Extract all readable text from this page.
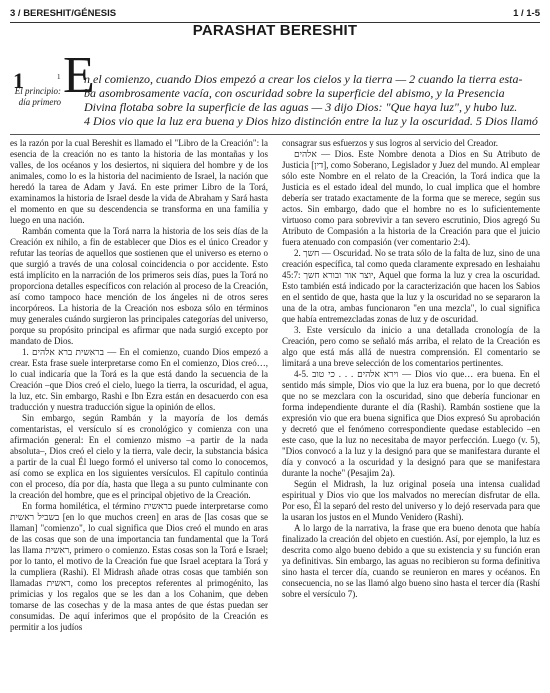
3 / BERESHIT/GÉNESIS	1 / 1-5
PARASHAT BERESHIT
1
El principio: día primero E
1 n el comienzo, cuando Dios empezó a crear los cielos y la tierra — 2 cuando la tierra esta-
ba asombrosamente vacía, con oscuridad sobre la superficie del abismo, y la Presencia
Divina flotaba sobre la superficie de las aguas — 3 dijo Dios: "Que haya luz", y hubo luz.
4 Dios vio que la luz era buena y Dios hizo distinción entre la luz y la oscuridad. 5 Dios llamó

es la razón por la cual Bereshit es llamado el "Libro de la Creación": la esencia de la creación no es tanto la historia de las montañas y los valles, de los océanos y los desiertos, ni siquiera del hombre y de los animales, como lo es la historia del nacimiento de Israel, la nación que heredó la tarea de Adam y Javá. En este primer Libro de la Torá, examinamos la historia de Israel desde la vida de Abraham y Sará hasta el momento en que su descendencia se transforma en una familia y luego en una nación.

Rambán comenta que la Torá narra la historia de los seis días de la Creación ex nihilo, a fin de establecer que Dios es el único Creador y refutar las teorías de aquellos que sostienen que el universo es eterno o que surgió a través de una colosal coincidencia o por accidente. Esto está implícito en la narración de los primeros seis días, pues la Torá no proporciona detalles específicos con relación al proceso de la Creación, así como tampoco hace mención de los ángeles ni de otros seres incorpóreos. La historia de la Creación nos esboza sólo en términos muy generales cuándo surgieron las principales categorías del universo, porque su propósito principal es afirmar que nada surgió excepto por mandato de Dios.

1. בראשית ברא אלהים — En el comienzo, cuando Dios empezó a crear. Esta frase suele interpretarse como En el comienzo, Dios creó…, lo cual indicaría que la Torá es la que está dando la secuencia de la Creación –que Dios creó el cielo, luego la tierra, la oscuridad, el agua, la luz, etc. Sin embargo, Rashi e Ibn Ezra están en desacuerdo con esa traducción y nuestra traducción sigue la opinión de ellos.

Sin embargo, según Rambán y la mayoría de los demás comentaristas, el versículo sí es cronológico y comienza con una afirmación general: En el comienzo mismo –a partir de la nada absoluta–, Dios creó el cielo y la tierra, vale decir, la substancia básica a partir de la cual Él luego formó el universo tal como lo conocemos, así como se explica en los siguientes versículos. El capítulo continúa con el proceso, día por día, hasta que llega a su punto culminante con la creación del hombre, que es el principal objetivo de la Creación.

En forma homilética, el término בראשית puede interpretarse como בשביל ראשית [en lo que muchos creen] en aras de [las cosas que se llaman] "comienzo", lo cual significa que Dios creó el mundo en aras de las cosas que son de una importancia tan fundamental que la Torá las llama ראשית, primero o comienzo. Estas cosas son la Torá e Israel; por lo tanto, el motivo de la Creación fue que Israel aceptara la Torá y la cumpliera (Rashi). El Midrash añade otras cosas que también son llamadas ראשית, como los preceptos referentes al primogénito, las primicias y los regalos que se les dan a los Cohanim, que deben tomarse de las cosechas y de la masa antes de que éstas puedan ser consumidas. De aquí inferimos que el propósito de la Creación es permitir a los judíos

consagrar sus esfuerzos y sus logros al servicio del Creador.

אלהים — Dios. Este Nombre denota a Dios en Su Atributo de Justicia [דין], como Soberano, Legislador y Juez del mundo. Al emplear sólo este Nombre en el relato de la Creación, la Torá indica que la Justicia es el estado ideal del mundo, lo cual implica que el hombre debería ser tratado exactamente de la forma que se merece, según sus actos. Sin embargo, dado que el hombre no es lo suficientemente virtuoso como para sobrevivir a tan severo escrutinio, Dios agregó Su Atributo de Compasión a la historia de la Creación para que el juicio fuera atenuado con compasión (ver comentario 2:4).

2. חשך — Oscuridad. No se trata sólo de la falta de luz, sino de una creación específica, tal como queda claramente expresado en Ieshaiahu 45:7: יוצר אור ובורא חשך, Aquel que forma la luz y crea la oscuridad. Esto también está indicado por la caracterización que hacen los Sabios en el sentido de que, hasta que la luz y la oscuridad no se separaron la una de la otra, ambas funcionaron "en una mezcla", lo cual significa que había entremezcladas zonas de luz y de oscuridad.

3. Este versículo da inicio a una detallada cronología de la Creación, pero como se señaló más arriba, el relato de la Creación es algo que está más allá de nuestra comprensión. El comentario se limitará a una breve selección de los comentarios pertinentes.

4-5. וירא אלהים . . . כי טוב — Dios vio que… era buena. En el sentido más simple, Dios vio que la luz era buena, por lo que decretó que no se mezclara con la oscuridad, sino que debería funcionar en forma independiente durante el día (Rashi). Rambán sostiene que la expresión vio que era buena significa que Dios expresó Su aprobación y decretó que el fenómeno correspondiente quedase establecido –en este caso, que la luz no necesitaba de mayor perfección. Luego (v. 5), "Dios convocó a la luz y la designó para que se manifestara durante el día y convocó a la oscuridad y la designó para que se manifestara durante la noche" (Pesajim 2a).

Según el Midrash, la luz original poseía una intensa cualidad espiritual y Dios vio que los malvados no merecían disfrutar de ella. Por eso, Él la separó del resto del universo y lo dejó reservada para que la usaran los justos en el Mundo Venidero (Rashi).

A lo largo de la narrativa, la frase que era bueno denota que había finalizado la creación del objeto en cuestión. Así, por ejemplo, la luz es descrita como algo bueno debido a que su existencia y su función eran ya definitivas. Sin embargo, las aguas no recibieron su forma definitiva sino hasta el tercer día, cuando se reunieron en mares y océanos. En consecuencia, no se las llamó algo bueno sino hasta el tercer día (Rashí sobre el versículo 7).
